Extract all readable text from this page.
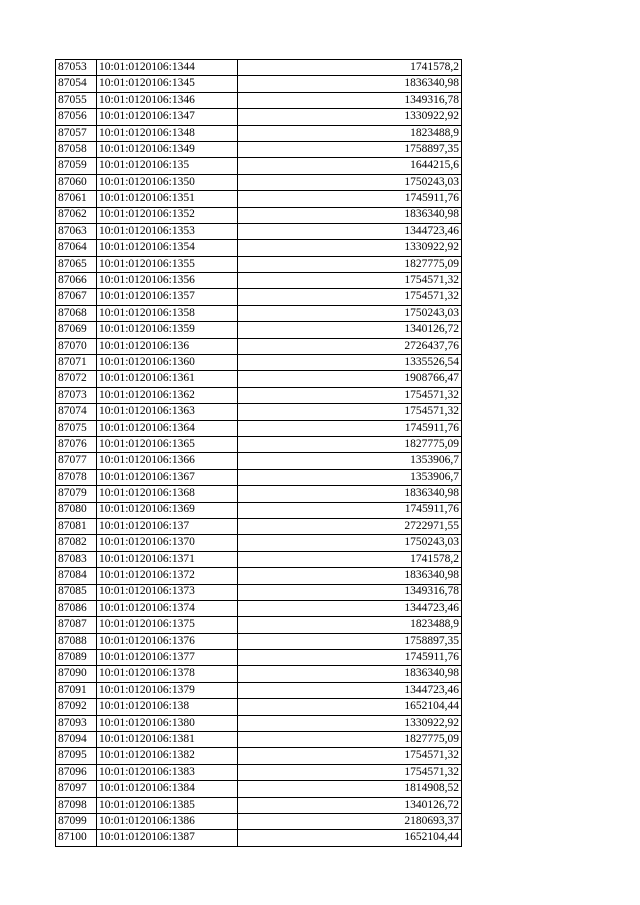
87053	10:01:0120106:1344	1741578,2
87054	10:01:0120106:1345	1836340,98
87055	10:01:0120106:1346	1349316,78
87056	10:01:0120106:1347	1330922,92
87057	10:01:0120106:1348	1823488,9
87058	10:01:0120106:1349	1758897,35
87059	10:01:0120106:135	1644215,6
87060	10:01:0120106:1350	1750243,03
87061	10:01:0120106:1351	1745911,76
87062	10:01:0120106:1352	1836340,98
87063	10:01:0120106:1353	1344723,46
87064	10:01:0120106:1354	1330922,92
87065	10:01:0120106:1355	1827775,09
87066	10:01:0120106:1356	1754571,32
87067	10:01:0120106:1357	1754571,32
87068	10:01:0120106:1358	1750243,03
87069	10:01:0120106:1359	1340126,72
87070	10:01:0120106:136	2726437,76
87071	10:01:0120106:1360	1335526,54
87072	10:01:0120106:1361	1908766,47
87073	10:01:0120106:1362	1754571,32
87074	10:01:0120106:1363	1754571,32
87075	10:01:0120106:1364	1745911,76
87076	10:01:0120106:1365	1827775,09
87077	10:01:0120106:1366	1353906,7
87078	10:01:0120106:1367	1353906,7
87079	10:01:0120106:1368	1836340,98
87080	10:01:0120106:1369	1745911,76
87081	10:01:0120106:137	2722971,55
87082	10:01:0120106:1370	1750243,03
87083	10:01:0120106:1371	1741578,2
87084	10:01:0120106:1372	1836340,98
87085	10:01:0120106:1373	1349316,78
87086	10:01:0120106:1374	1344723,46
87087	10:01:0120106:1375	1823488,9
87088	10:01:0120106:1376	1758897,35
87089	10:01:0120106:1377	1745911,76
87090	10:01:0120106:1378	1836340,98
87091	10:01:0120106:1379	1344723,46
87092	10:01:0120106:138	1652104,44
87093	10:01:0120106:1380	1330922,92
87094	10:01:0120106:1381	1827775,09
87095	10:01:0120106:1382	1754571,32
87096	10:01:0120106:1383	1754571,32
87097	10:01:0120106:1384	1814908,52
87098	10:01:0120106:1385	1340126,72
87099	10:01:0120106:1386	2180693,37
87100	10:01:0120106:1387	1652104,44
